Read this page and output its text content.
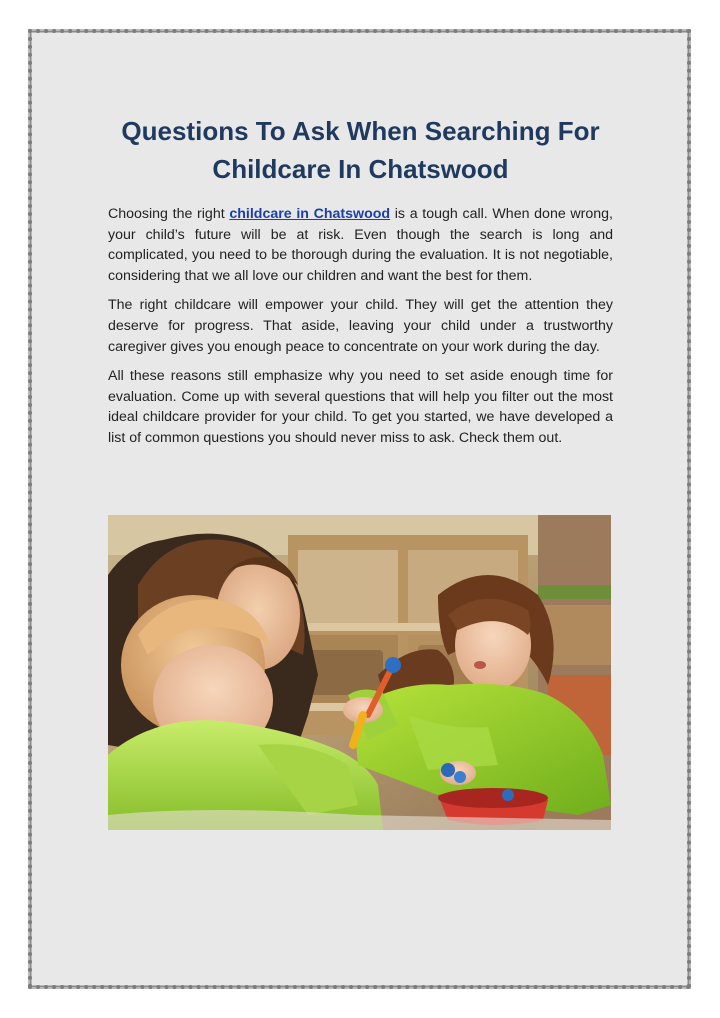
Questions To Ask When Searching For Childcare In Chatswood

Choosing the right childcare in Chatswood is a tough call. When done wrong, your child’s future will be at risk. Even though the search is long and complicated, you need to be thorough during the evaluation. It is not negotiable, considering that we all love our children and want the best for them.

The right childcare will empower your child. They will get the attention they deserve for progress. That aside, leaving your child under a trustworthy caregiver gives you enough peace to concentrate on your work during the day.

All these reasons still emphasize why you need to set aside enough time for evaluation. Come up with several questions that will help you filter out the most ideal childcare provider for your child. To get you started, we have developed a list of common questions you should never miss to ask. Check them out.
